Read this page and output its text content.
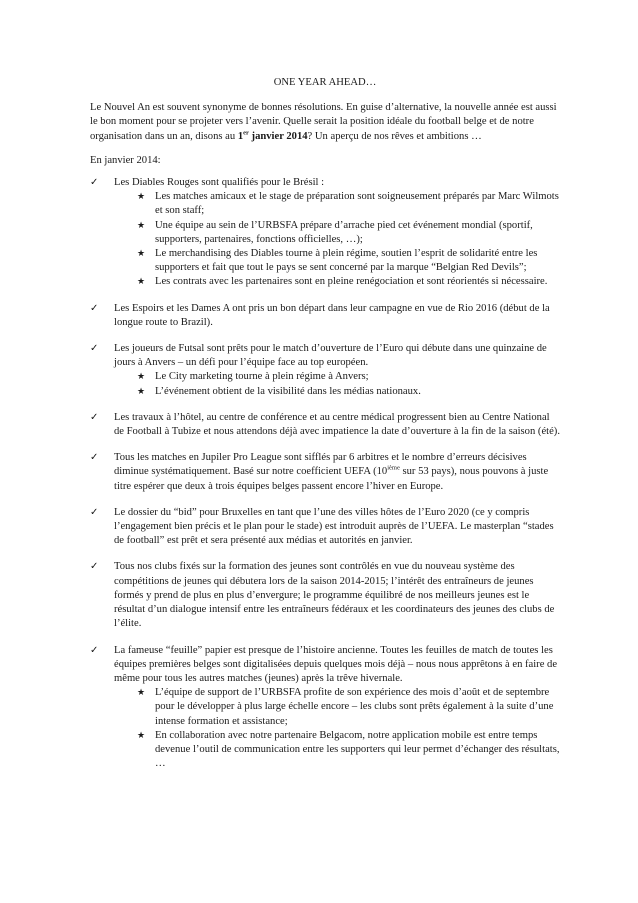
ONE YEAR AHEAD…

Le Nouvel An est souvent synonyme de bonnes résolutions. En guise d’alternative, la nouvelle année est aussi le bon moment pour se projeter vers l’avenir. Quelle serait la position idéale du football belge et de notre organisation dans un an, disons au 1er janvier 2014? Un aperçu de nos rêves et ambitions …

En janvier 2014:

✓ Les Diables Rouges sont qualifiés pour le Brésil :
★ Les matches amicaux et le stage de préparation sont soigneusement préparés par Marc Wilmots et son staff;
★ Une équipe au sein de l’URBSFA prépare d’arrache pied cet événement mondial (sportif, supporters, partenaires, fonctions officielles, …);
★ Le merchandising des Diables tourne à plein régime, soutien l’esprit de solidarité entre les supporters et fait que tout le pays se sent concerné par la marque “Belgian Red Devils”;
★ Les contrats avec les partenaires sont en pleine renégociation et sont réorientés si nécessaire.
✓ Les Espoirs et les Dames A ont pris un bon départ dans leur campagne en vue de Rio 2016 (début de la longue route to Brazil).
✓ Les joueurs de Futsal sont prêts pour le match d’ouverture de l’Euro qui débute dans une quinzaine de jours à Anvers – un défi pour l’équipe face au top européen.
★ Le City marketing tourne à plein régime à Anvers;
★ L’événement obtient de la visibilité dans les médias nationaux.
✓ Les travaux à l’hôtel, au centre de conférence et au centre médical progressent bien au Centre National de Football à Tubize et nous attendons déjà avec impatience la date d’ouverture à la fin de la saison (été).
✓ Tous les matches en Jupiler Pro League sont sifflés par 6 arbitres et le nombre d’erreurs décisives diminue systématiquement. Basé sur notre coefficient UEFA (10ième sur 53 pays), nous pouvons à juste titre espérer que deux à trois équipes belges passent encore l’hiver en Europe.
✓ Le dossier du “bid” pour Bruxelles en tant que l’une des villes hôtes de l’Euro 2020 (ce y compris l’engagement bien précis et le plan pour le stade) est introduit auprès de l’UEFA. Le masterplan “stades de football” est prêt et sera présenté aux médias et autorités en janvier.
✓ Tous nos clubs fixés sur la formation des jeunes sont contrôlés en vue du nouveau système des compétitions de jeunes qui débutera lors de la saison 2014-2015; l’intérêt des entraîneurs de jeunes formés y prend de plus en plus d’envergure; le programme équilibré de nos meilleurs jeunes est le résultat d’un dialogue intensif entre les entraîneurs fédéraux et les coordinateurs des jeunes des clubs de l’élite.
✓ La fameuse “feuille” papier est presque de l’histoire ancienne. Toutes les feuilles de match de toutes les équipes premières belges sont digitalisées depuis quelques mois déjà – nous nous apprêtons à en faire de même pour tous les autres matches (jeunes) après la trêve hivernale.
★ L’équipe de support de l’URBSFA profite de son expérience des mois d’août et de septembre pour le développer à plus large échelle encore – les clubs sont prêts également à la suite d’une intense formation et assistance;
★ En collaboration avec notre partenaire Belgacom, notre application mobile est entre temps devenue l’outil de communication entre les supporters qui leur permet d’échanger des résultats, …
